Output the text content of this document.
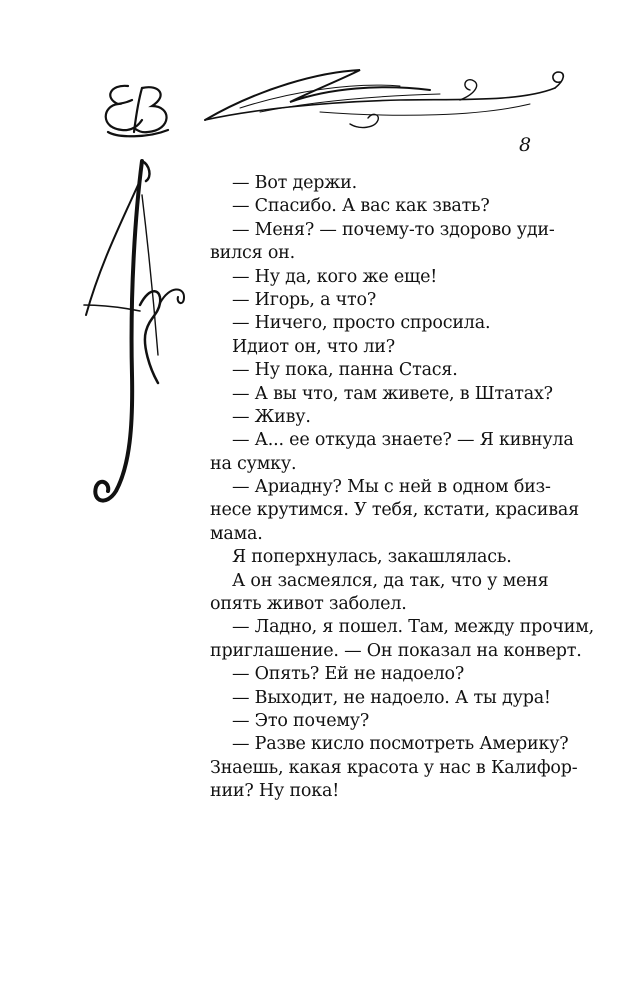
8
— Вот держи.
— Спасибо. А вас как звать?
— Меня? — почему-то здорово уди-
вился он.
— Ну да, кого же еще!
— Игорь, а что?
— Ничего, просто спросила.
Идиот он, что ли?
— Ну пока, панна Стася.
— А вы что, там живете, в Штатах?
— Живу.
— А... ее откуда знаете? — Я кивнула
на сумку.
— Ариадну? Мы с ней в одном биз-
несе крутимся. У тебя, кстати, красивая
мама.
Я поперхнулась, закашлялась.
А он засмеялся, да так, что у меня
опять живот заболел.
— Ладно, я пошел. Там, между прочим,
приглашение. — Он показал на конверт.
— Опять? Ей не надоело?
— Выходит, не надоело. А ты дура!
— Это почему?
— Разве кисло посмотреть Америку?
Знаешь, какая красота у нас в Калифор-
нии? Ну пока!
